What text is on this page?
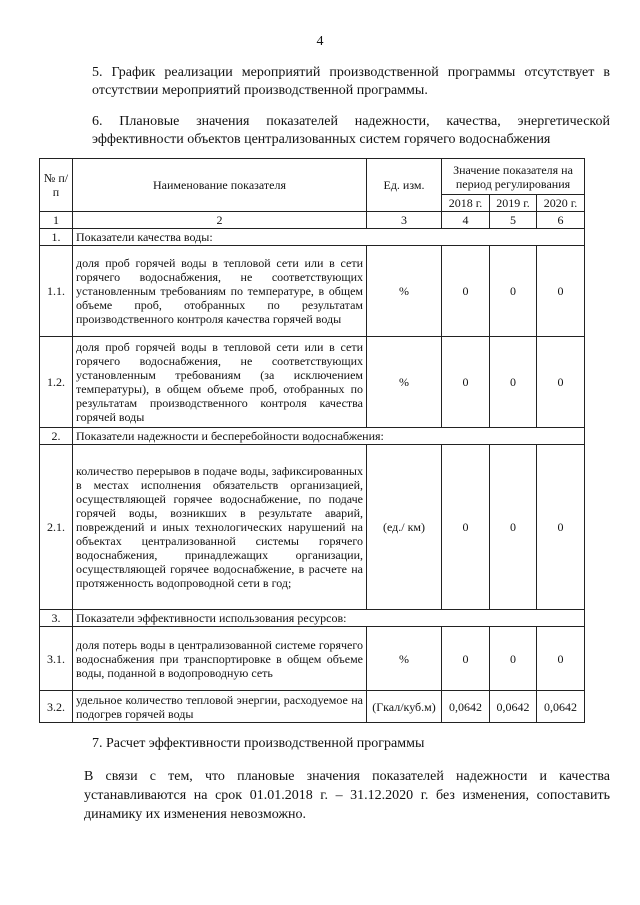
4
5. График реализации мероприятий производственной программы отсутствует в
отсутствии мероприятий производственной программы.
6. Плановые значения показателей надежности, качества, энергетической
эффективности объектов централизованных систем горячего водоснабжения
№ п/п	Наименование показателя	Ед. изм.	Значение показателя на период регулирования		
			2018 г.	2019 г.	2020 г.
1	2	3	4	5	6
1.	Показатели качества воды:				
1.1.	доля проб горячей воды в тепловой сети или в сети горячего водоснабжения, не соответствующих установленным требованиям по температуре, в общем объеме проб, отобранных по результатам производственного контроля качества горячей воды	%	0	0	0
1.2.	доля проб горячей воды в тепловой сети или в сети горячего водоснабжения, не соответствующих установленным требованиям (за исключением температуры), в общем объеме проб, отобранных по результатам производственного контроля качества горячей воды	%	0	0	0
2.	Показатели надежности и бесперебойности водоснабжения:				
2.1.	количество перерывов в подаче воды, зафиксированных в местах исполнения обязательств организацией, осуществляющей горячее водоснабжение, по подаче горячей воды, возникших в результате аварий, повреждений и иных технологических нарушений на объектах централизованной системы горячего водоснабжения, принадлежащих организации, осуществляющей горячее водоснабжение, в расчете на протяженность водопроводной сети в год;	(ед./ км)	0	0	0
3.	Показатели эффективности использования ресурсов:				
3.1.	доля потерь воды в централизованной системе горячего водоснабжения при транспортировке в общем объеме воды, поданной в водопроводную сеть	%	0	0	0
3.2.	удельное количество тепловой энергии, расходуемое на подогрев горячей воды	(Гкал/куб.м)	0,0642	0,0642	0,0642
7. Расчет эффективности производственной программы
В связи с тем, что плановые значения показателей надежности и качества
устанавливаются на срок 01.01.2018 г. – 31.12.2020 г. без изменения, сопоставить
динамику их изменения невозможно.
